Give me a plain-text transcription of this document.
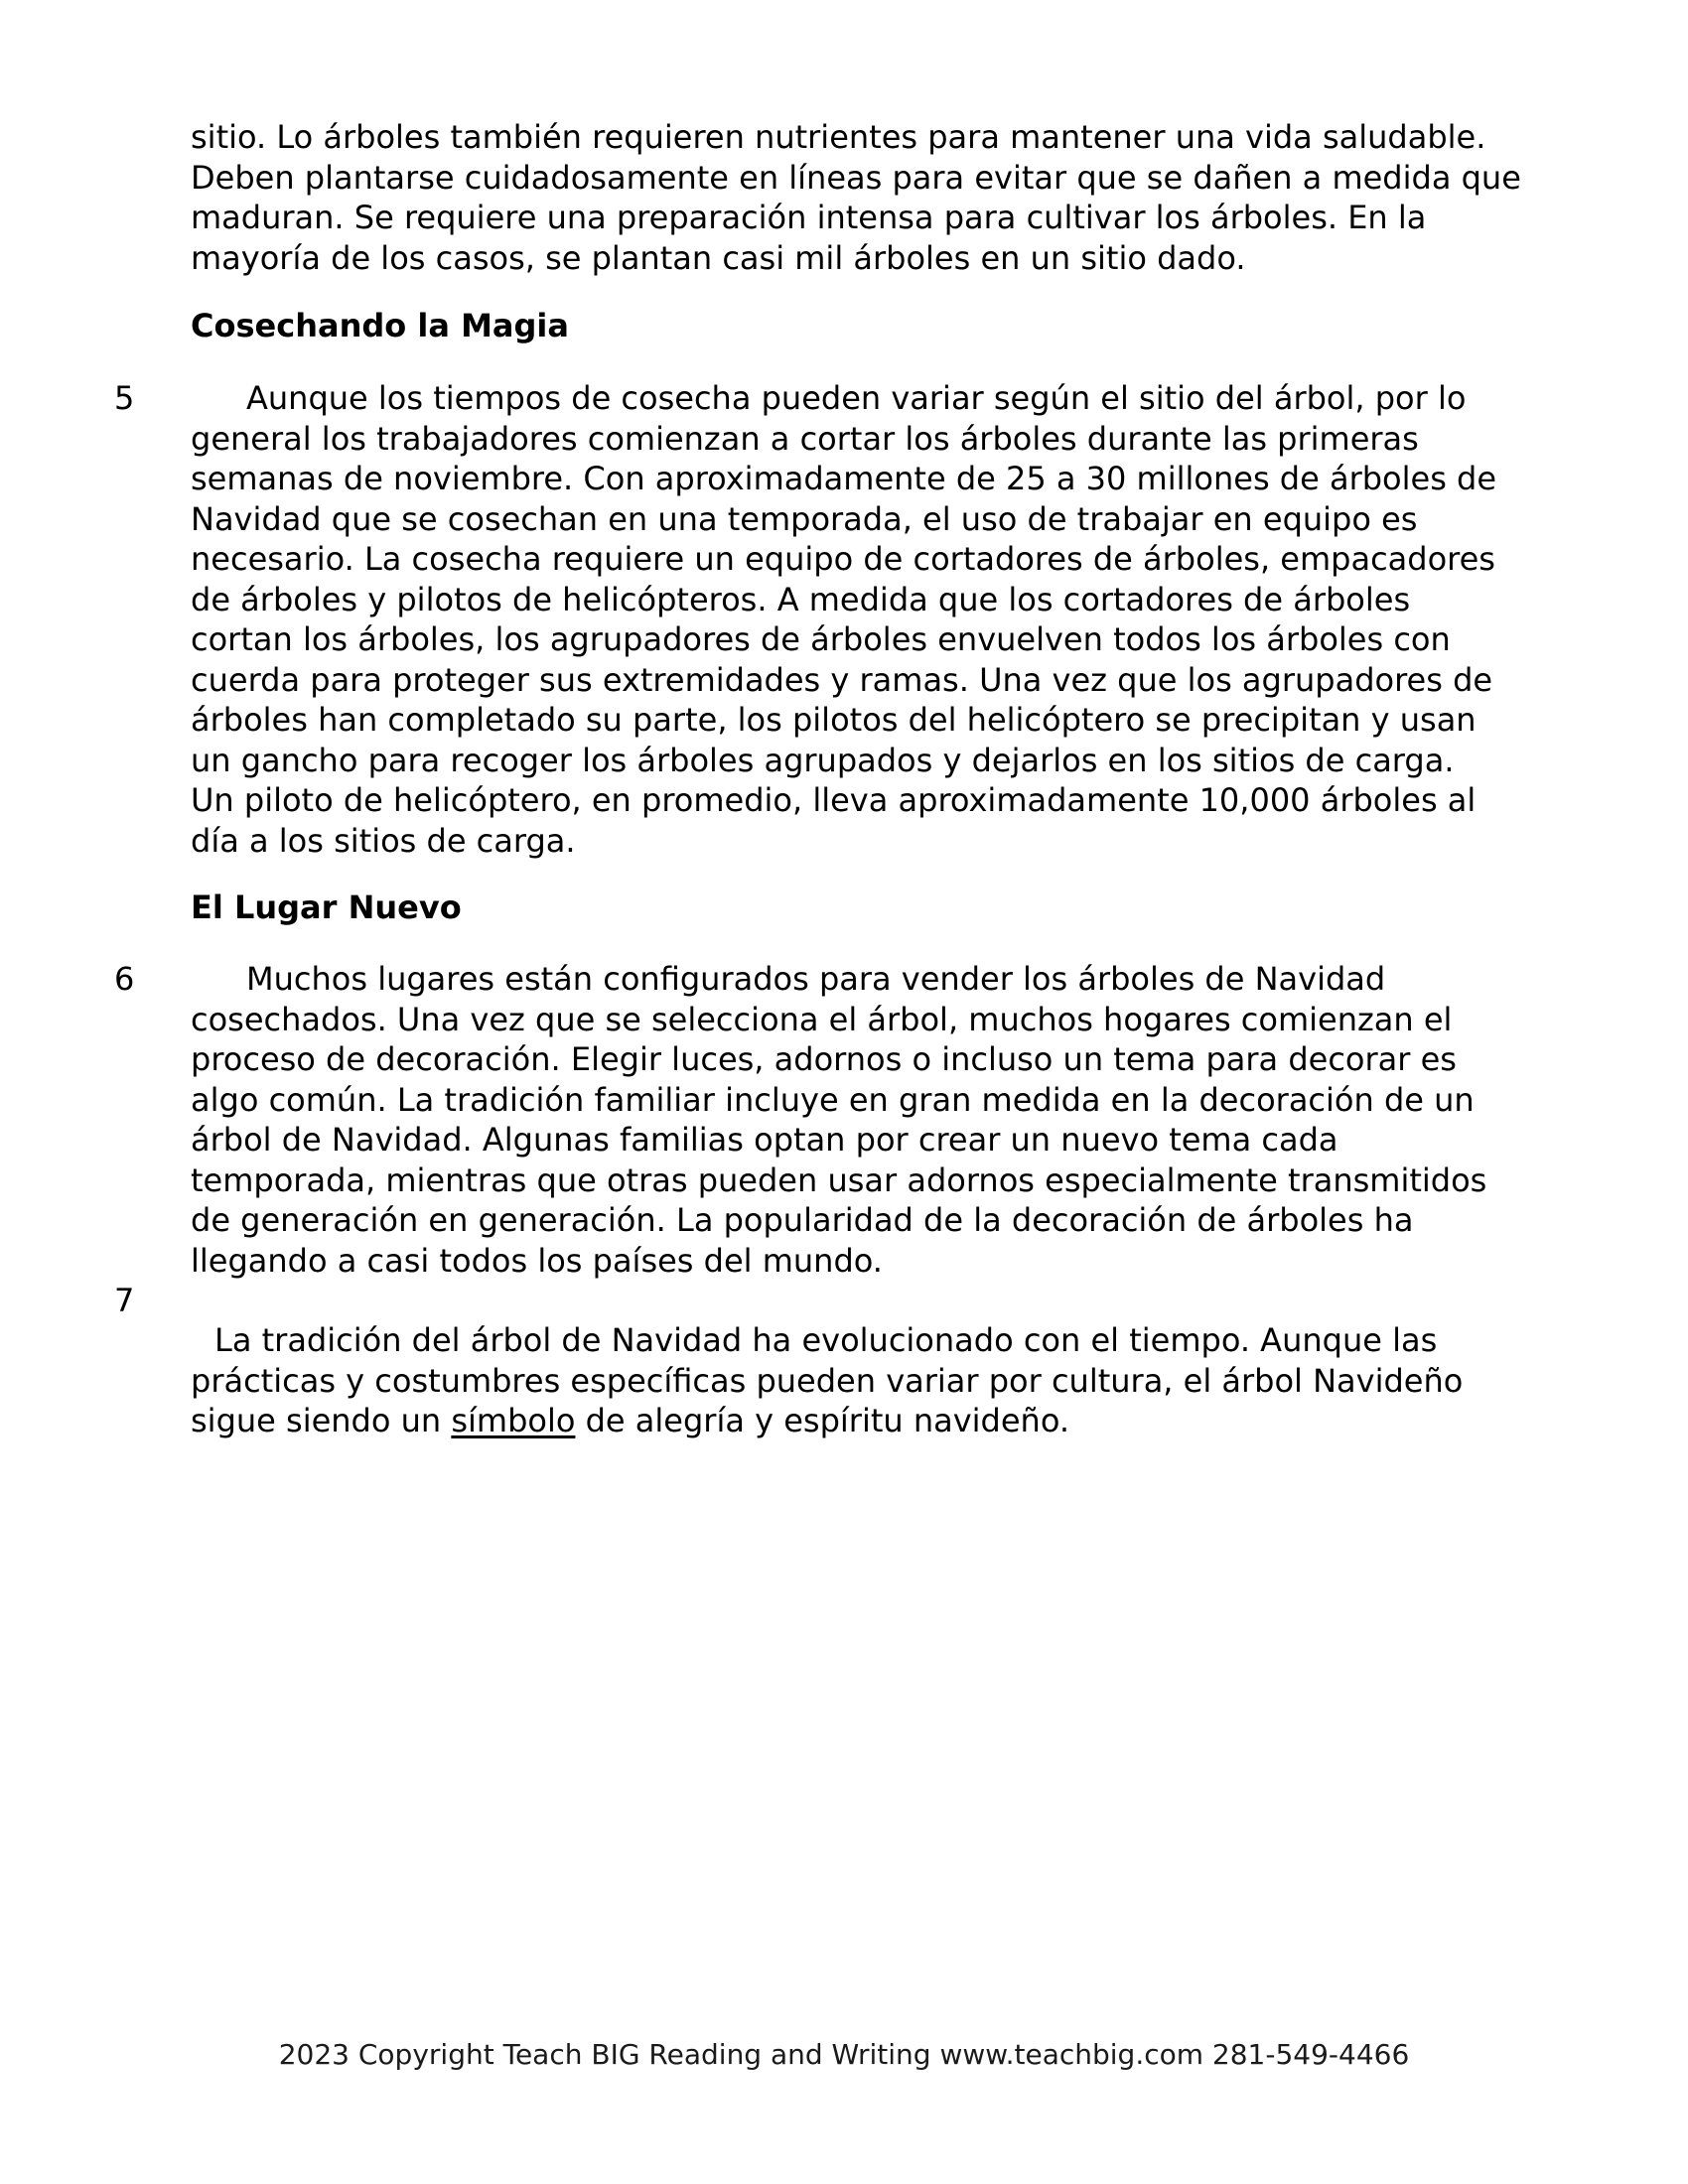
sitio. Lo árboles también requieren nutrientes para mantener una vida saludable.
Deben plantarse cuidadosamente en líneas para evitar que se dañen a medida que
maduran. Se requiere una preparación intensa para cultivar los árboles. En la
mayoría de los casos, se plantan casi mil árboles en un sitio dado.
Cosechando la Magia
5	Aunque los tiempos de cosecha pueden variar según el sitio del árbol, por lo
general los trabajadores comienzan a cortar los árboles durante las primeras
semanas de noviembre. Con aproximadamente de 25 a 30 millones de árboles de
Navidad que se cosechan en una temporada, el uso de trabajar en equipo es
necesario. La cosecha requiere un equipo de cortadores de árboles, empacadores
de árboles y pilotos de helicópteros. A medida que los cortadores de árboles
cortan los árboles, los agrupadores de árboles envuelven todos los árboles con
cuerda para proteger sus extremidades y ramas. Una vez que los agrupadores de
árboles han completado su parte, los pilotos del helicóptero se precipitan y usan
un gancho para recoger los árboles agrupados y dejarlos en los sitios de carga.
Un piloto de helicóptero, en promedio, lleva aproximadamente 10,000 árboles al
día a los sitios de carga.
El Lugar Nuevo
6	Muchos lugares están configurados para vender los árboles de Navidad
cosechados. Una vez que se selecciona el árbol, muchos hogares comienzan el
proceso de decoración. Elegir luces, adornos o incluso un tema para decorar es
algo común. La tradición familiar incluye en gran medida en la decoración de un
árbol de Navidad. Algunas familias optan por crear un nuevo tema cada
temporada, mientras que otras pueden usar adornos especialmente transmitidos
de generación en generación. La popularidad de la decoración de árboles ha
llegando a casi todos los países del mundo.
7
La tradición del árbol de Navidad ha evolucionado con el tiempo. Aunque las
prácticas y costumbres específicas pueden variar por cultura, el árbol Navideño
sigue siendo un símbolo de alegría y espíritu navideño.
2023 Copyright Teach BIG Reading and Writing www.teachbig.com 281-549-4466
